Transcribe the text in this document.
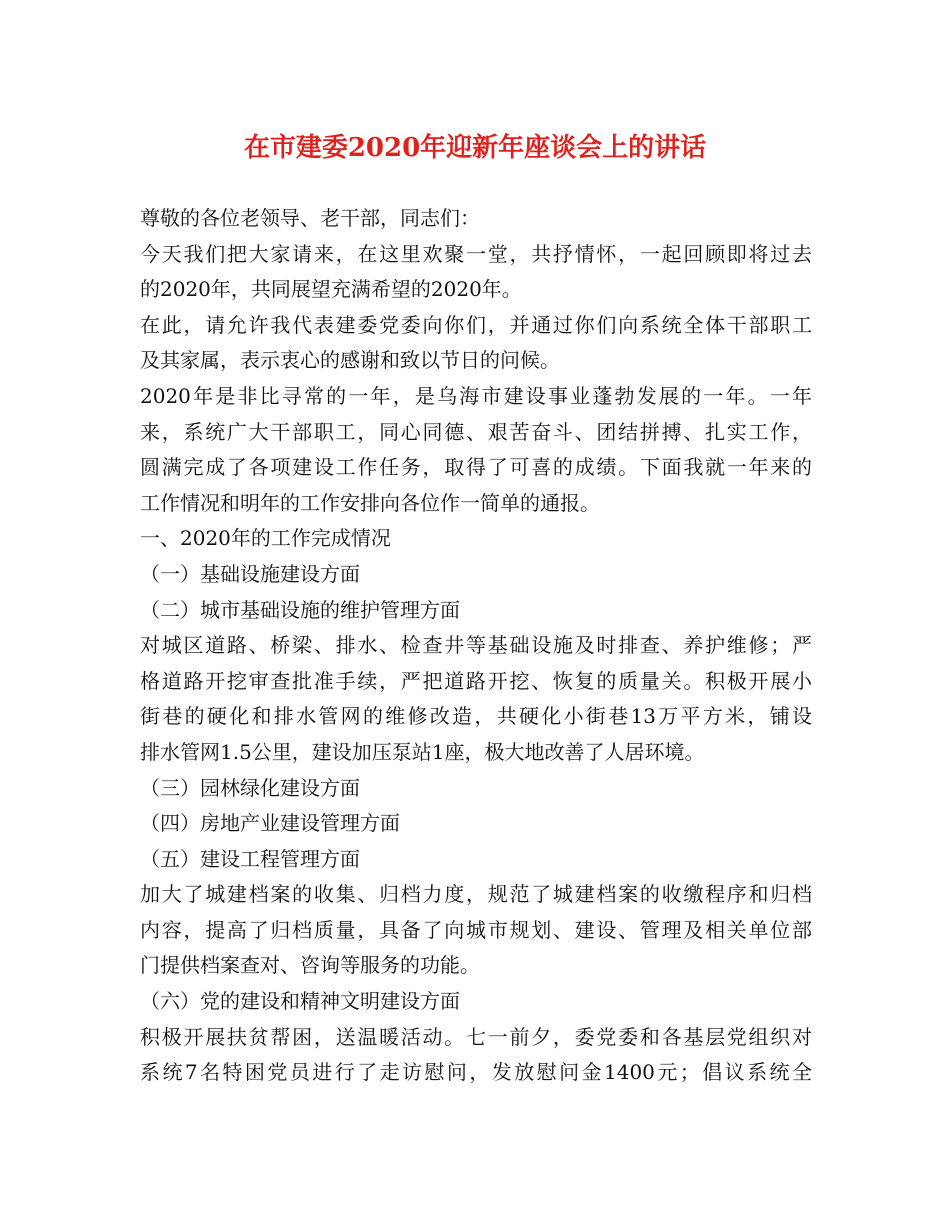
在市建委2020年迎新年座谈会上的讲话
尊敬的各位老领导、老干部，同志们：
今天我们把大家请来，在这里欢聚一堂，共抒情怀，一起回顾即将过去
的2020年，共同展望充满希望的2020年。
在此，请允许我代表建委党委向你们，并通过你们向系统全体干部职工
及其家属，表示衷心的感谢和致以节日的问候。
2020年是非比寻常的一年，是乌海市建设事业蓬勃发展的一年。一年
来，系统广大干部职工，同心同德、艰苦奋斗、团结拼搏、扎实工作，
圆满完成了各项建设工作任务，取得了可喜的成绩。下面我就一年来的
工作情况和明年的工作安排向各位作一简单的通报。
一、2020年的工作完成情况
（一）基础设施建设方面
（二）城市基础设施的维护管理方面
对城区道路、桥梁、排水、检查井等基础设施及时排查、养护维修；严
格道路开挖审查批准手续，严把道路开挖、恢复的质量关。积极开展小
街巷的硬化和排水管网的维修改造，共硬化小街巷13万平方米，铺设
排水管网1.5公里，建设加压泵站1座，极大地改善了人居环境。
（三）园林绿化建设方面
（四）房地产业建设管理方面
（五）建设工程管理方面
加大了城建档案的收集、归档力度，规范了城建档案的收缴程序和归档
内容，提高了归档质量，具备了向城市规划、建设、管理及相关单位部
门提供档案查对、咨询等服务的功能。
（六）党的建设和精神文明建设方面
积极开展扶贫帮困，送温暖活动。七一前夕，委党委和各基层党组织对
系统7名特困党员进行了走访慰问，发放慰问金1400元；倡议系统全
